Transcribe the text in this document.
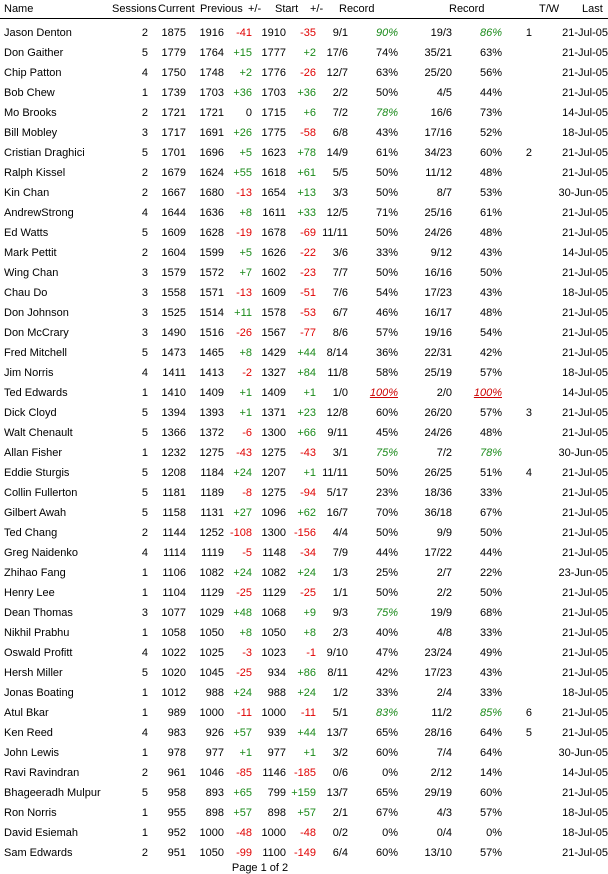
Name	Sessions Current Previous +/- Start +/- Record	Record	T/W Last
Jason Denton	2	1875	1916	-41 1910	-35	9/1	90%	19/3	86%	1	21-Jul-05
Don Gaither	5	1779	1764 +15 1777	+2 17/6	74%	35/21	63%	21-Jul-05
Chip Patton	4	1750	1748	+2 1776	-26 12/7	63%	25/20	56%	21-Jul-05
Bob Chew	1	1739	1703 +36 1703	+36	2/2	50%	4/5	44%	21-Jul-05
Mo Brooks	2	1721	1721	0 1715	+6	7/2	78%	16/6	73%	14-Jul-05
Bill Mobley	3	1717	1691 +26 1775	-58	6/8	43%	17/16	52%	18-Jul-05
Cristian Draghici	5	1701	1696	+5 1623	+78 14/9	61%	34/23	60%	2	21-Jul-05
Ralph Kissel	2	1679	1624 +55 1618	+61	5/5	50%	11/12	48%	21-Jul-05
Kin Chan	2	1667	1680	-13 1654	+13	3/3	50%	8/7	53%	30-Jun-05
AndrewStrong	4	1644	1636	+8 1611	+33 12/5	71%	25/16	61%	21-Jul-05
Ed Watts	5	1609	1628	-19 1678	-69 11/11	50%	24/26	48%	21-Jul-05
Mark Pettit	2	1604	1599	+5 1626	-22	3/6	33%	9/12	43%	14-Jul-05
Wing Chan	3	1579	1572	+7 1602	-23	7/7	50%	16/16	50%	21-Jul-05
Chau Do	3	1558	1571	-13 1609	-51	7/6	54%	17/23	43%	18-Jul-05
Don Johnson	3	1525	1514 +11 1578	-53	6/7	46%	16/17	48%	21-Jul-05
Don McCrary	3	1490	1516	-26 1567	-77	8/6	57%	19/16	54%	21-Jul-05
Fred Mitchell	5	1473	1465	+8 1429	+44 8/14	36%	22/31	42%	21-Jul-05
Jim Norris	4	1411	1413	-2 1327	+84	11/8	58%	25/19	57%	18-Jul-05
Ted Edwards	1	1410	1409	+1 1409	+1	1/0	100%	2/0	100%	14-Jul-05
Dick Cloyd	5	1394	1393	+1 1371	+23 12/8	60%	26/20	57%	3	21-Jul-05
Walt Chenault	5	1366	1372	-6 1300	+66	9/11	45%	24/26	48%	21-Jul-05
Allan Fisher	1	1232	1275	-43 1275	-43	3/1	75%	7/2	78%	30-Jun-05
Eddie Sturgis	5	1208	1184 +24 1207	+1 11/11	50%	26/25	51%	4	21-Jul-05
Collin Fullerton	5	1181	1189	-8 1275	-94 5/17	23%	18/36	33%	21-Jul-05
Gilbert Awah	5	1158	1131 +27 1096	+62 16/7	70%	36/18	67%	21-Jul-05
Ted Chang	2	1144	1252 -108 1300 -156	4/4	50%	9/9	50%	21-Jul-05
Greg Naidenko	4	1114	1119	-5 1148	-34	7/9	44%	17/22	44%	21-Jul-05
Zhihao Fang	1	1106	1082 +24 1082	+24	1/3	25%	2/7	22%	23-Jun-05
Henry Lee	1	1104	1129	-25 1129	-25	1/1	50%	2/2	50%	21-Jul-05
Dean Thomas	3	1077	1029 +48 1068	+9	9/3	75%	19/9	68%	21-Jul-05
Nikhil Prabhu	1	1058	1050	+8 1050	+8	2/3	40%	4/8	33%	21-Jul-05
Oswald Profitt	4	1022	1025	-3 1023	-1 9/10	47%	23/24	49%	21-Jul-05
Hersh Miller	5	1020	1045	-25	934	+86	8/11	42%	17/23	43%	21-Jul-05
Jonas Boating	1	1012	988 +24	988	+24	1/2	33%	2/4	33%	18-Jul-05
Atul Bkar	1	989	1000	-11 1000	-11	5/1	83%	11/2	85%	6	21-Jul-05
Ken Reed	4	983	926 +57	939	+44 13/7	65%	28/16	64%	5	21-Jul-05
John Lewis	1	978	977	+1	977	+1	3/2	60%	7/4	64%	30-Jun-05
Ravi Ravindran	2	961	1046	-85 1146 -185	0/6	0%	2/12	14%	14-Jul-05
Bhageeradh Mulpur	5	958	893 +65	799 +159 13/7	65%	29/19	60%	21-Jul-05
Ron Norris	1	955	898 +57	898	+57	2/1	67%	4/3	57%	18-Jul-05
David Esiemah	1	952	1000	-48 1000	-48	0/2	0%	0/4	0%	18-Jul-05
Sam Edwards	2	951	1050	-99 1100 -149	6/4	60%	13/10	57%	21-Jul-05
Page 1 of 2
